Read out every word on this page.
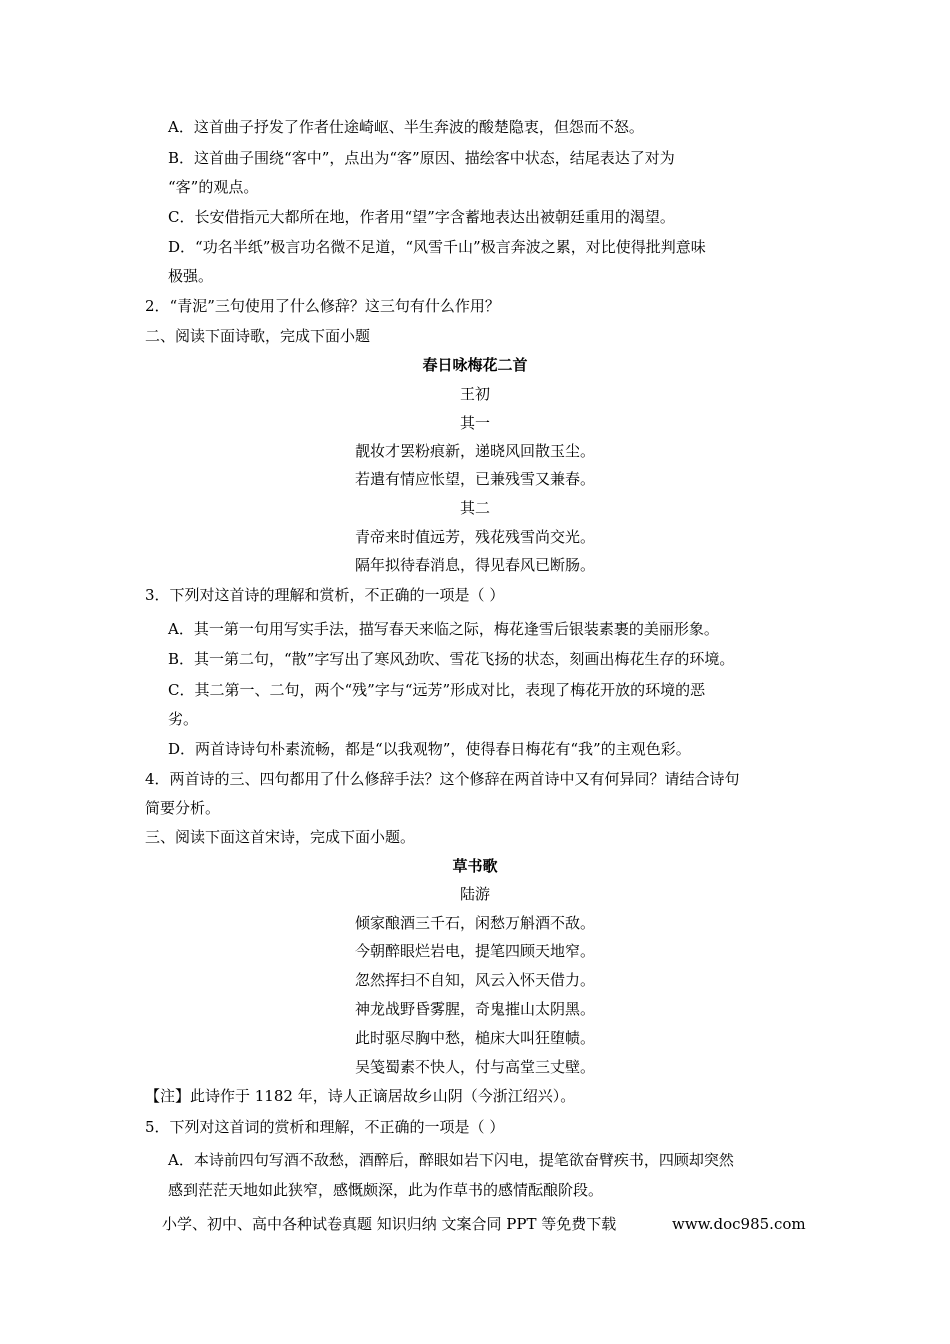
A．这首曲子抒发了作者仕途崎岖、半生奔波的酸楚隐衷，但怨而不怒。
B．这首曲子围绕“客中”，点出为“客”原因、描绘客中状态，结尾表达了对为
“客”的观点。
C．长安借指元大都所在地，作者用“望”字含蓄地表达出被朝廷重用的渴望。
D．“功名半纸”极言功名微不足道，“风雪千山”极言奔波之累，对比使得批判意味
极强。
2．“青泥”三句使用了什么修辞？这三句有什么作用？
二、阅读下面诗歌，完成下面小题
春日咏梅花二首
王初
其一
靓妆才罢粉痕新，递晓风回散玉尘。
若遣有情应怅望，已兼残雪又兼春。
其二
青帝来时值远芳，残花残雪尚交光。
隔年拟待春消息，得见春风已断肠。
3．下列对这首诗的理解和赏析，不正确的一项是（ ）
A．其一第一句用写实手法，描写春天来临之际，梅花逢雪后银装素裹的美丽形象。
B．其一第二句，“散”字写出了寒风劲吹、雪花飞扬的状态，刻画出梅花生存的环境。
C．其二第一、二句，两个“残”字与“远芳”形成对比，表现了梅花开放的环境的恶
劣。
D．两首诗诗句朴素流畅，都是“以我观物”，使得春日梅花有“我”的主观色彩。
4．两首诗的三、四句都用了什么修辞手法？这个修辞在两首诗中又有何异同？请结合诗句
简要分析。
三、阅读下面这首宋诗，完成下面小题。
草书歌
陆游
倾家酿酒三千石，闲愁万斛酒不敌。
今朝醉眼烂岩电，提笔四顾天地窄。
忽然挥扫不自知，风云入怀天借力。
神龙战野昏雾腥，奇鬼摧山太阴黑。
此时驱尽胸中愁，槌床大叫狂堕帻。
吴笺蜀素不快人，付与高堂三丈壁。
【注】此诗作于 1182 年，诗人正谪居故乡山阴（今浙江绍兴）。
5．下列对这首词的赏析和理解，不正确的一项是（ ）
A．本诗前四句写酒不敌愁，酒醉后，醉眼如岩下闪电，提笔欲奋臂疾书，四顾却突然
感到茫茫天地如此狭窄，感慨颇深，此为作草书的感情酝酿阶段。
小学、初中、高中各种试卷真题 知识归纳 文案合同 PPT 等免费下载	www.doc985.com
